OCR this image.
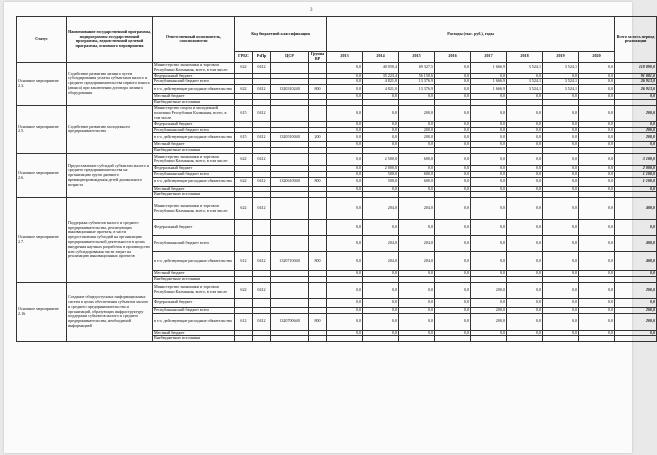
3
Статус	Наименование государственной программы, подпрограммы государственной программы, ведомственной целевой программы, основного мероприятия	Ответственный исполнитель, соисполнители	Код бюджетной классификации				Расходы (тыс. руб.), годы								Всего за весь период реализации
			ГРБС	РзПр	ЦСР	Группа ВР	2013	2014	2015	2016	2017	2018	2019	2020	
Основное мероприятие 2.3.	Содействие развитию лизинга путем субсидирования уплаты субъектами малого и среднего предпринимательства первого взноса (аванса) при заключении договора лизинга оборудования	Министерство экономики и торговли Республики Калмыкия, всего, в том числе:	622	0412			0,0	40 050,4	69 327,5	0,0	1 666,9	3 524,1	3 524,1	0,0	118 090,0
		Федеральный бюджет					0,0	35 223,4	56 150,6	0,0	0,0	0,0	0,0	0,0	91 081,0
		Республиканский бюджет всего					0,0	4 821,0	13 376,9	0,0	1 666,9	3 524,1	3 524,1	0,0	26 913,0
		в т.ч. действующие расходные обязательства	622	0412	1320310240	800	0,0	4 821,0	13 376,9	0,0	1 666,9	3 524,1	3 524,1	0,0	26 913,0
		Местный бюджет					0,0	0,0	0,0	0,0	0,0	0,0	0,0	0,0	0,0
		Внебюджетные источники													
Основное мероприятие 2.5.	Содействие развитию молодежного предпринимательства	Министерство спорта и молодежной политики Республики Калмыкия, всего, в том числе	615	0412			0,0	0,0	200,0	0,0	0,0	0,0	0,0	0,0	200,0
		Федеральный бюджет					0,0	0,0	0,0	0,0	0,0	0,0	0,0	0,0	0,0
		Республиканский бюджет всего					0,0	0,0	200,0	0,0	0,0	0,0	0,0	0,0	200,0
		в т.ч. действующие расходные обязательства	615	0412	1320510040	200	0,0	0,0	200,0	0,0	0,0	0,0	0,0	0,0	200,0
		Местный бюджет					0,0	0,0	0,0	0,0	0,0	0,0	0,0	0,0	0,0
		Внебюджетные источники													
Основное мероприятие 2.6.	Предоставление субсидий субъектам малого и среднего предпринимательства на организацию групп дневного времяпрепровождения детей дошкольного возраста	Министерство экономики и торговли Республики Калмыкия, всего, в том числе:	622	0412			0,0	2 500,0	600,0	0,0	0,0	0,0	0,0	0,0	3 100,0
		Федеральный бюджет					0,0	2 000,0	0,0	0,0	0,0	0,0	0,0	0,0	2 000,0
		Республиканский бюджет всего					0,0	500,0	600,0	0,0	0,0	0,0	0,0	0,0	1 100,0
		в т.ч. действующие расходные обязательства	622	0412	1320610040	800	0,0	500,0	600,0	0,0	0,0	0,0	0,0	0,0	1 100,0
		Местный бюджет					0,0	0,0	0,0	0,0	0,0	0,0	0,0	0,0	0,0
		Внебюджетные источники													
Основное мероприятие 2.7.	Поддержка субъектов малого и среднего предпринимательства, реализующих инновационные проекты, в части предоставления субсидий на организацию предпринимательской деятельности в целях внедрения научных разработок в производство или субсидирования части затрат на реализацию инновационных проектов	Министерство экономики и торговли Республики Калмыкия, всего, в том числе:	622	0412			0,0	204,0	204,0	0,0	0,0	0,0	0,0	0,0	408,0
		Федеральный бюджет					0,0	0,0	0,0	0,0	0,0	0,0	0,0	0,0	0,0
		Республиканский бюджет всего					0,0	204,0	204,0	0,0	0,0	0,0	0,0	0,0	408,0
		в т.ч. действующие расходные обязательства	612	0412	1320710040	800	0,0	204,0	204,0	0,0	0,0	0,0	0,0	0,0	408,0
		Местный бюджет					0,0	0,0	0,0	0,0	0,0	0,0	0,0	0,0	0,0
		Внебюджетные источники													
Основное мероприятие 2.16.	Создание общедоступных информационных систем в целях обеспечения субъектов малого и среднего предпринимательства и организаций, образующих инфраструктуру поддержки субъектов малого и среднего предпринимательства, необходимой информацией	Министерство экономики и торговли Республики Калмыкия, всего, в том числе	622	0412			0,0	0,0	0,0	0,0	200,0	0,0	0,0	0,0	200,0
		Федеральный бюджет					0,0	0,0	0,0	0,0	0,0	0,0	0,0	0,0	0,0
		Республиканский бюджет всего					0,0	0,0	0,0	0,0	200,0	0,0	0,0	0,0	200,0
		в т.ч. действующие расходные обязательства	612	0412	1320700640	800	0,0	0,0	0,0	0,0	200,0	0,0	0,0	0,0	200,0
		Местный бюджет					0,0	0,0	0,0	0,0	0,0	0,0	0,0	0,0	0,0
		Внебюджетные источники													
